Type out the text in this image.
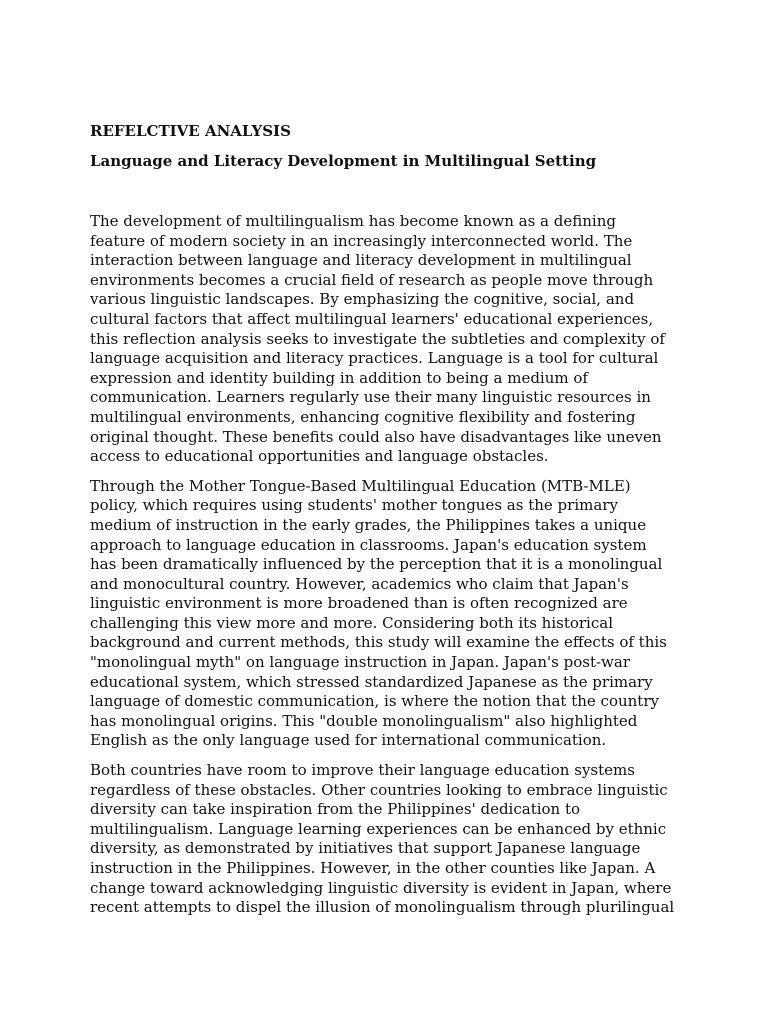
REFELCTIVE ANALYSIS
Language and Literacy Development in Multilingual Setting

The development of multilingualism has become known as a defining
feature of modern society in an increasingly interconnected world. The
interaction between language and literacy development in multilingual
environments becomes a crucial field of research as people move through
various linguistic landscapes. By emphasizing the cognitive, social, and
cultural factors that affect multilingual learners' educational experiences,
this reflection analysis seeks to investigate the subtleties and complexity of
language acquisition and literacy practices. Language is a tool for cultural
expression and identity building in addition to being a medium of
communication. Learners regularly use their many linguistic resources in
multilingual environments, enhancing cognitive flexibility and fostering
original thought. These benefits could also have disadvantages like uneven
access to educational opportunities and language obstacles.

Through the Mother Tongue-Based Multilingual Education (MTB-MLE)
policy, which requires using students' mother tongues as the primary
medium of instruction in the early grades, the Philippines takes a unique
approach to language education in classrooms. Japan's education system
has been dramatically influenced by the perception that it is a monolingual
and monocultural country. However, academics who claim that Japan's
linguistic environment is more broadened than is often recognized are
challenging this view more and more. Considering both its historical
background and current methods, this study will examine the effects of this
"monolingual myth" on language instruction in Japan. Japan's post-war
educational system, which stressed standardized Japanese as the primary
language of domestic communication, is where the notion that the country
has monolingual origins. This "double monolingualism" also highlighted
English as the only language used for international communication.

Both countries have room to improve their language education systems
regardless of these obstacles. Other countries looking to embrace linguistic
diversity can take inspiration from the Philippines' dedication to
multilingualism. Language learning experiences can be enhanced by ethnic
diversity, as demonstrated by initiatives that support Japanese language
instruction in the Philippines. However, in the other counties like Japan. A
change toward acknowledging linguistic diversity is evident in Japan, where
recent attempts to dispel the illusion of monolingualism through plurilingual
